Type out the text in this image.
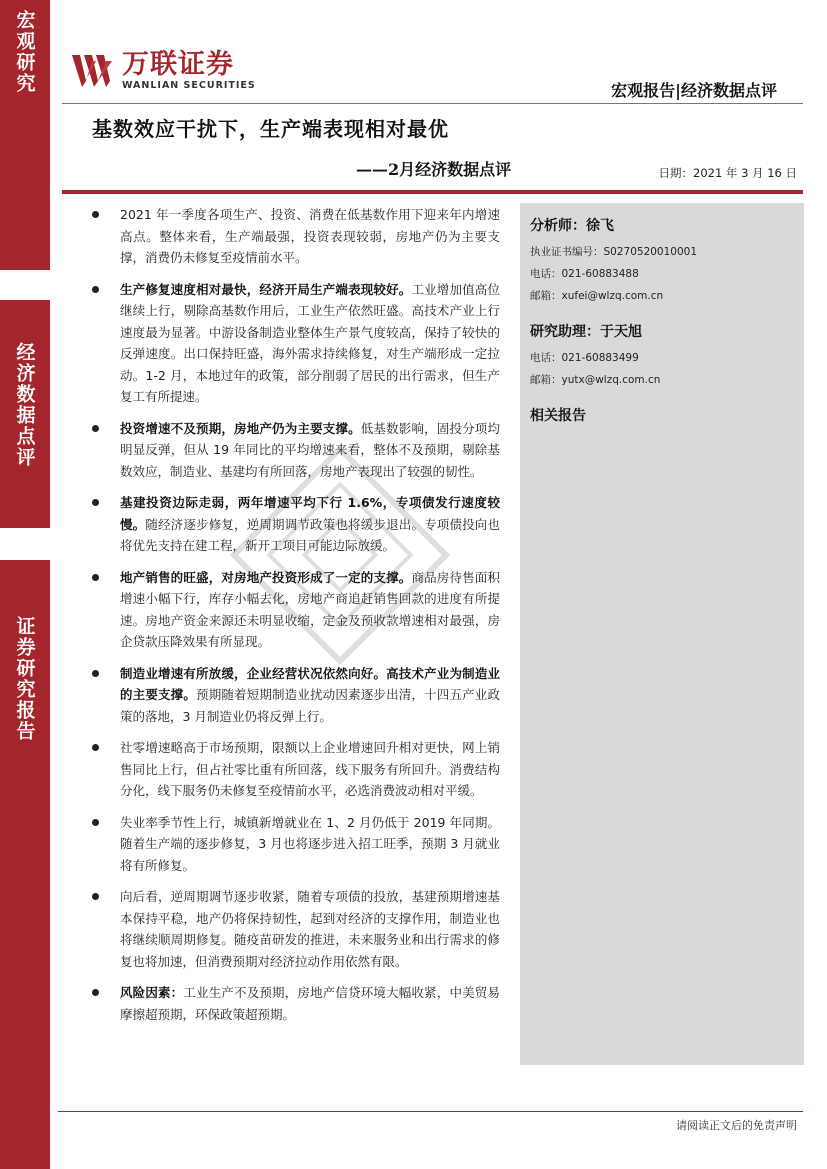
宏观研究
经济数据点评
证券研究报告
万联证券
WANLIAN SECURITIES	宏观报告|经济数据点评
基数效应干扰下，生产端表现相对最优
——2月经济数据点评	日期：2021 年 3 月 16 日
2021 年一季度各项生产、投资、消费在低基数作用下迎来年内增速高点。整体来看，生产端最强，投资表现较弱，房地产仍为主要支撑，消费仍未修复至疫情前水平。
生产修复速度相对最快，经济开局生产端表现较好。工业增加值高位继续上行，剔除高基数作用后，工业生产依然旺盛。高技术产业上行速度最为显著。中游设备制造业整体生产景气度较高，保持了较快的反弹速度。出口保持旺盛，海外需求持续修复，对生产端形成一定拉动。1-2 月，本地过年的政策，部分削弱了居民的出行需求，但生产复工有所提速。
投资增速不及预期，房地产仍为主要支撑。低基数影响，固投分项均明显反弹，但从 19 年同比的平均增速来看，整体不及预期，剔除基数效应，制造业、基建均有所回落，房地产表现出了较强的韧性。
基建投资边际走弱，两年增速平均下行 1.6%，专项债发行速度较慢。随经济逐步修复，逆周期调节政策也将缓步退出。专项债投向也将优先支持在建工程，新开工项目可能边际放缓。
地产销售的旺盛，对房地产投资形成了一定的支撑。商品房待售面积增速小幅下行，库存小幅去化，房地产商追赶销售回款的进度有所提速。房地产资金来源还未明显收缩，定金及预收款增速相对最强，房企贷款压降效果有所显现。
制造业增速有所放缓，企业经营状况依然向好。高技术产业为制造业的主要支撑。预期随着短期制造业扰动因素逐步出清，十四五产业政策的落地，3 月制造业仍将反弹上行。
社零增速略高于市场预期，限额以上企业增速回升相对更快，网上销售同比上行，但占社零比重有所回落，线下服务有所回升。消费结构分化，线下服务仍未修复至疫情前水平，必选消费波动相对平缓。
失业率季节性上行，城镇新增就业在 1、2 月仍低于 2019 年同期。随着生产端的逐步修复，3 月也将逐步进入招工旺季，预期 3 月就业将有所修复。
向后看，逆周期调节逐步收紧，随着专项债的投放，基建预期增速基本保持平稳，地产仍将保持韧性，起到对经济的支撑作用，制造业也将继续顺周期修复。随疫苗研发的推进，未来服务业和出行需求的修复也将加速，但消费预期对经济拉动作用依然有限。
风险因素：工业生产不及预期，房地产信贷环境大幅收紧，中美贸易摩擦超预期，环保政策超预期。
分析师：徐飞
执业证书编号：S0270520010001
电话：021-60883488
邮箱：xufei@wlzq.com.cn
研究助理：于天旭
电话：021-60883499
邮箱：yutx@wlzq.com.cn
相关报告
请阅读正文后的免责声明
